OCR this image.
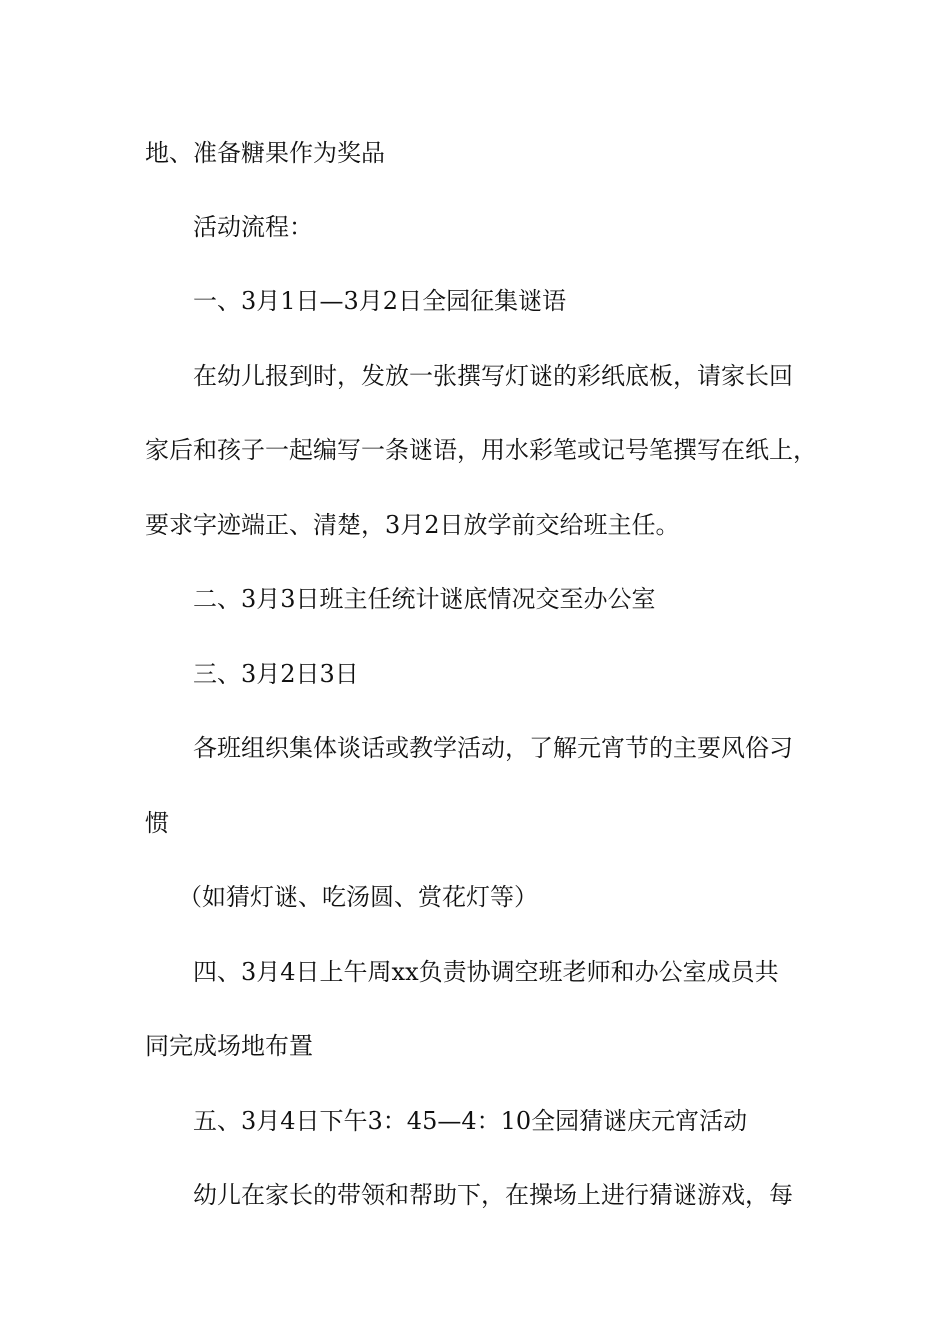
地、准备糖果作为奖品
活动流程：
一、3月1日—3月2日全园征集谜语
在幼儿报到时，发放一张撰写灯谜的彩纸底板，请家长回
家后和孩子一起编写一条谜语，用水彩笔或记号笔撰写在纸上，
要求字迹端正、清楚，3月2日放学前交给班主任。
二、3月3日班主任统计谜底情况交至办公室
三、3月2日3日
各班组织集体谈话或教学活动，了解元宵节的主要风俗习
惯
（如猜灯谜、吃汤圆、赏花灯等）
四、3月4日上午周xx负责协调空班老师和办公室成员共
同完成场地布置
五、3月4日下午3：45—4：10全园猜谜庆元宵活动
幼儿在家长的带领和帮助下，在操场上进行猜谜游戏，每
